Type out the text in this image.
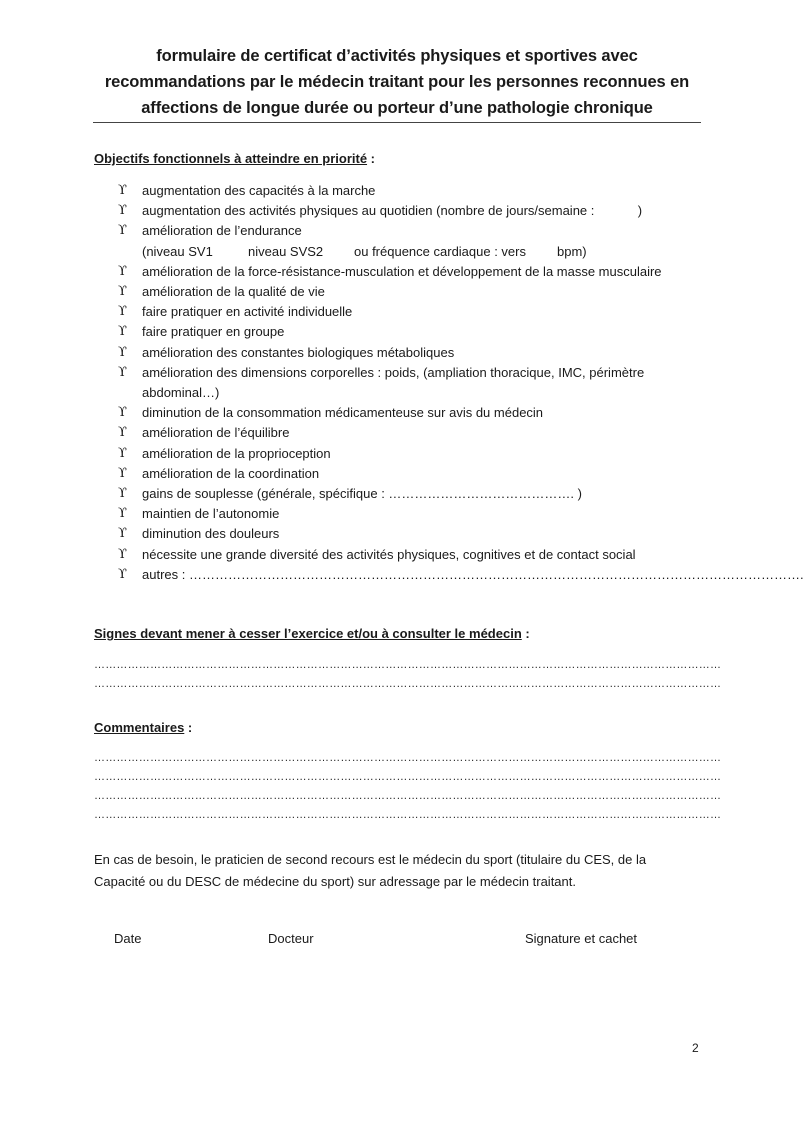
formulaire de certificat d’activités physiques et sportives avec
recommandations par le médecin traitant pour les personnes reconnues en
affections de longue durée ou porteur d’une pathologie chronique
Objectifs fonctionnels à atteindre en priorité :
ϒ augmentation des capacités à la marche
ϒ augmentation des activités physiques au quotidien (nombre de jours/semaine :            )
ϒ amélioration de l’endurance
(niveau SV1	niveau SVS2 ou fréquence cardiaque : vers bpm)
ϒ amélioration de la force-résistance-musculation et développement de la masse musculaire
ϒ amélioration de la qualité de vie
ϒ faire pratiquer en activité individuelle
ϒ faire pratiquer en groupe
ϒ amélioration des constantes biologiques métaboliques
ϒ amélioration des dimensions corporelles : poids, (ampliation thoracique, IMC, périmètre
abdominal…)
ϒ diminution de la consommation médicamenteuse sur avis du médecin
ϒ amélioration de l’équilibre
ϒ amélioration de la proprioception
ϒ amélioration de la coordination
ϒ gains de souplesse (générale, spécifique : ……………………………………. )
ϒ maintien de l’autonomie
ϒ diminution des douleurs
ϒ nécessite une grande diversité des activités physiques, cognitives et de contact social
ϒ autres : …………………………………………………………………………………………………………………………….
Signes devant mener à cesser l’exercice et/ou à consulter le médecin :
……………………………………………………………………………………………………………………………………………………
……………………………………………………………………………………………………………………………………………………
Commentaires :
……………………………………………………………………………………………………………………………………………………
……………………………………………………………………………………………………………………………………………………
……………………………………………………………………………………………………………………………………………………
……………………………………………………………………………………………………………………………………………………
En cas de besoin, le praticien de second recours est le médecin du sport (titulaire du CES, de la Capacité ou du DESC de médecine du sport) sur adressage par le médecin traitant.
Date	Docteur	Signature et cachet
2
